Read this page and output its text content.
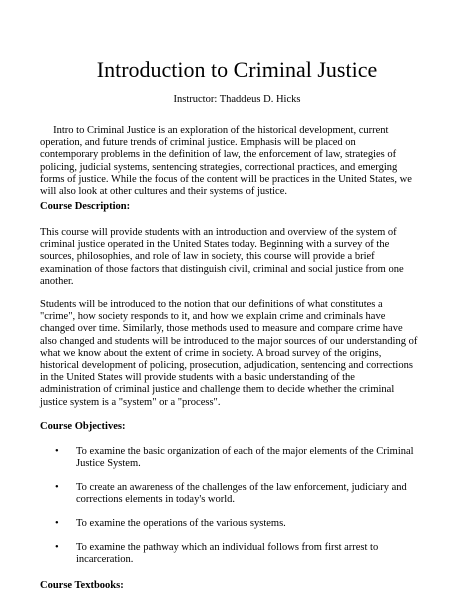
Introduction to Criminal Justice
Instructor: Thaddeus D. Hicks

Intro to Criminal Justice is an exploration of the historical development, current
operation, and future trends of criminal justice. Emphasis will be placed on
contemporary problems in the definition of law, the enforcement of law, strategies of
policing, judicial systems, sentencing strategies, correctional practices, and emerging
forms of justice. While the focus of the content will be practices in the United States, we
will also look at other cultures and their systems of justice.

Course Description:

This course will provide students with an introduction and overview of the system of
criminal justice operated in the United States today. Beginning with a survey of the
sources, philosophies, and role of law in society, this course will provide a brief
examination of those factors that distinguish civil, criminal and social justice from one
another.

Students will be introduced to the notion that our definitions of what constitutes a
"crime", how society responds to it, and how we explain crime and criminals have
changed over time. Similarly, those methods used to measure and compare crime have
also changed and students will be introduced to the major sources of our understanding of
what we know about the extent of crime in society. A broad survey of the origins,
historical development of policing, prosecution, adjudication, sentencing and corrections
in the United States will provide students with a basic understanding of the
administration of criminal justice and challenge them to decide whether the criminal
justice system is a "system" or a "process".

Course Objectives:
• To examine the basic organization of each of the major elements of the Criminal
Justice System.
• To create an awareness of the challenges of the law enforcement, judiciary and
corrections elements in today's world.
• To examine the operations of the various systems.
• To examine the pathway which an individual follows from first arrest to
incarceration.
Course Textbooks:
